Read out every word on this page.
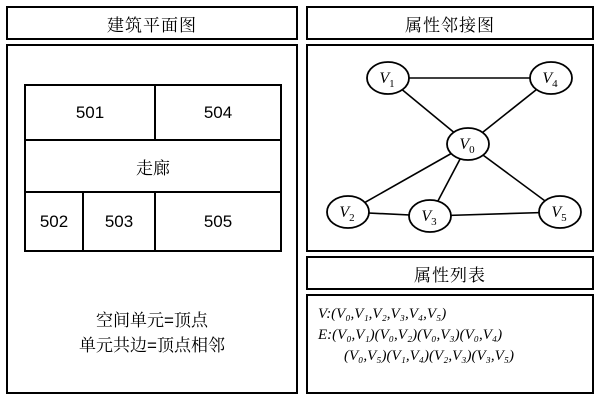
建筑平面图
501	504
走廊
502	503	505
空间单元=顶点
单元共边=顶点相邻
属性邻接图
$V_0$
$V_1$	$V_4$
$V_2$	$V_3$
$V_5$
属性列表
V:(V₀,V₁,V₂,V₃,V₄,V₅)
E:(V₀,V₁)(V₀,V₂)(V₀,V₃)(V₀,V₄)
(V₀,V₅)(V₁,V₄)(V₂,V₃)(V₃,V₅)
